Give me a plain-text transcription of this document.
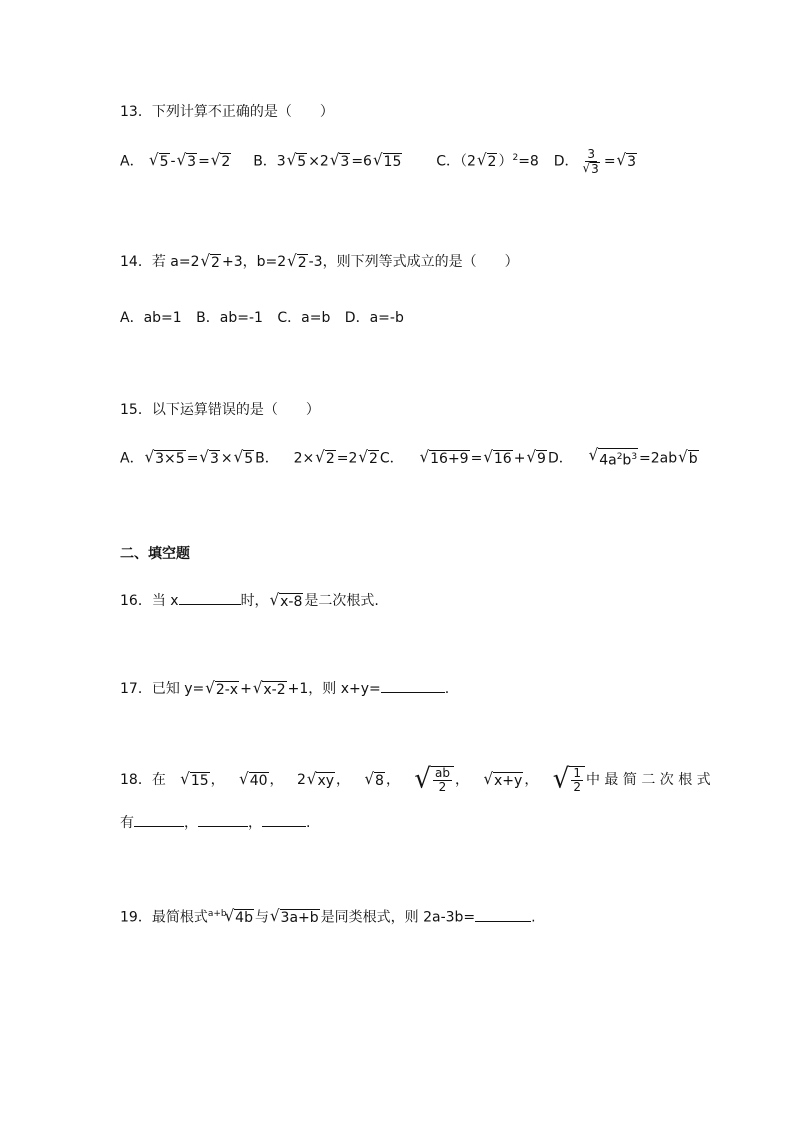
13．下列计算不正确的是（　　）
A． √ 5 - √ 3 = √ 2 B．3 √ 5 ×2 √ 3 =6 √ 15 C．（2 √ 2 ）$^2$=8 D． $\frac{3}{√ 3}$ = √ 3
14．若 a=2 √ 2 +3，b=2 √ 2 -3，则下列等式成立的是（　　）
A．ab=1 B．ab=-1 C．a=b D．a=-b
15．以下运算错误的是（　　）
A． √ 3×5 = √ 3 × √ 5 B． 2× √ 2 =2 √ 2 C． √ 16+9 = √ 16 + √ 9 D． √ $4a^2b^3 =2ab$ √ b
二、填空题
16．当 x	时， √ x-8 是二次根式.
17．已知 y= √ 2-x + √ x-2 +1，则 x+y=	.
18．在 √ 15 ， √ 40 ， 2 √ xy ， √ 8 ， √ $\frac{ab}{2}$ ， √ x+y ， √ $\frac{1}{2}$ 中 最 简 二 次 根 式
有	，	，	.
19．最简根式$^{a+b}$
√ 4b 与 √ 3a+b 是同类根式，则 2a-3b=	.
